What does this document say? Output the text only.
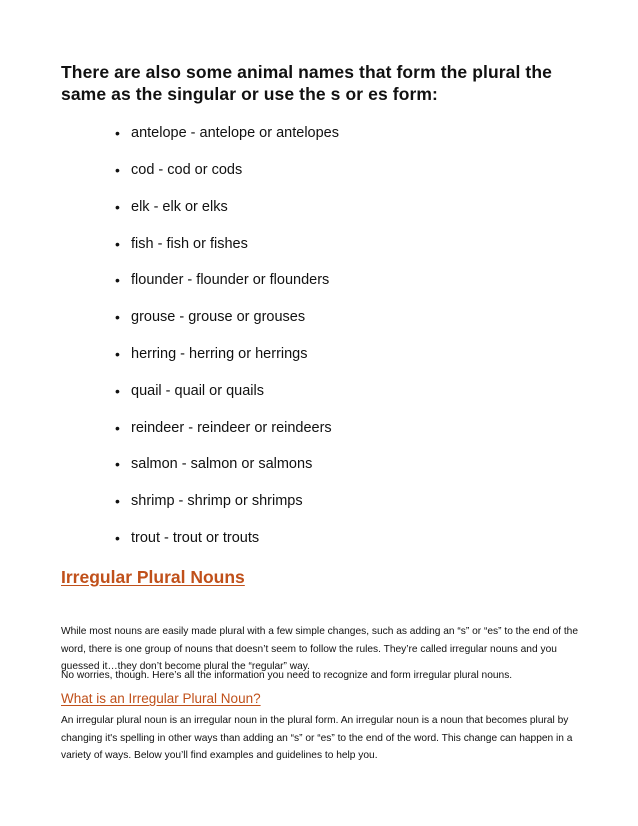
There are also some animal names that form the plural the same as the singular or use the s or es form:
• antelope - antelope or antelopes
• cod - cod or cods
• elk - elk or elks
• fish - fish or fishes
• flounder - flounder or flounders
• grouse - grouse or grouses
• herring - herring or herrings
• quail - quail or quails
• reindeer - reindeer or reindeers
• salmon - salmon or salmons
• shrimp - shrimp or shrimps
• trout - trout or trouts
Irregular Plural Nouns

While most nouns are easily made plural with a few simple changes, such as adding an “s” or “es” to the end of the word, there is one group of nouns that doesn’t seem to follow the rules. They’re called irregular nouns and you guessed it…they don’t become plural the “regular” way.

No worries, though. Here’s all the information you need to recognize and form irregular plural nouns.

What is an Irregular Plural Noun?

An irregular plural noun is an irregular noun in the plural form. An irregular noun is a noun that becomes plural by changing it's spelling in other ways than adding an “s” or “es” to the end of the word. This change can happen in a variety of ways. Below you’ll find examples and guidelines to help you.
